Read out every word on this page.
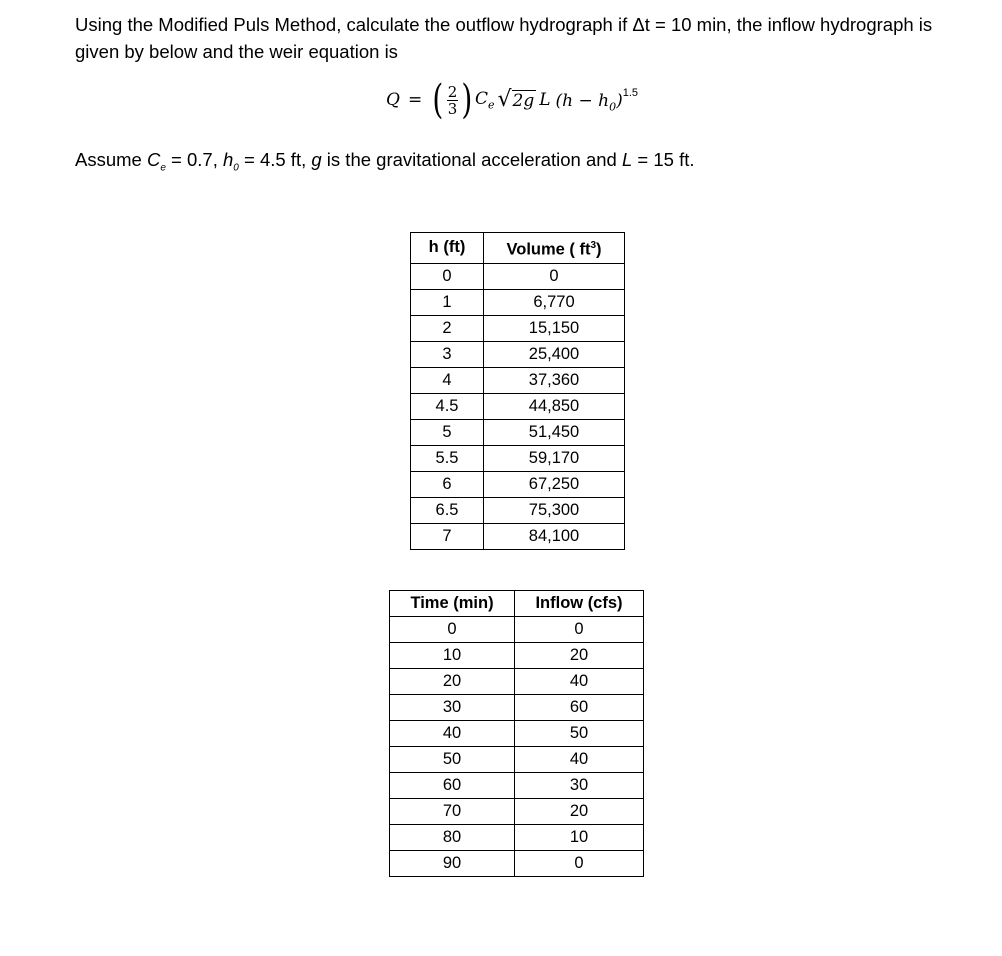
Using the Modified Puls Method, calculate the outflow hydrograph if Δt = 10 min, the inflow hydrograph is given by below and the weir equation is

Q = ( $\frac{2}{3}$ ) $C_e$ √ 2g L $(h - h_0)^{1.5}$
Assume $C_e = 0.7$, $h_0 = 4.5$ ft, g is the gravitational acceleration and L = 15 ft.
h (ft)	Volume ( $ft^3$)
0	0
1	6,770
2	15,150
3	25,400
4	37,360
4.5	44,850
5	51,450
5.5	59,170
6	67,250
6.5	75,300
7	84,100
Time (min)	Inflow (cfs)
0	0
10	20
20	40
30	60
40	50
50	40
60	30
70	20
80	10
90	0
